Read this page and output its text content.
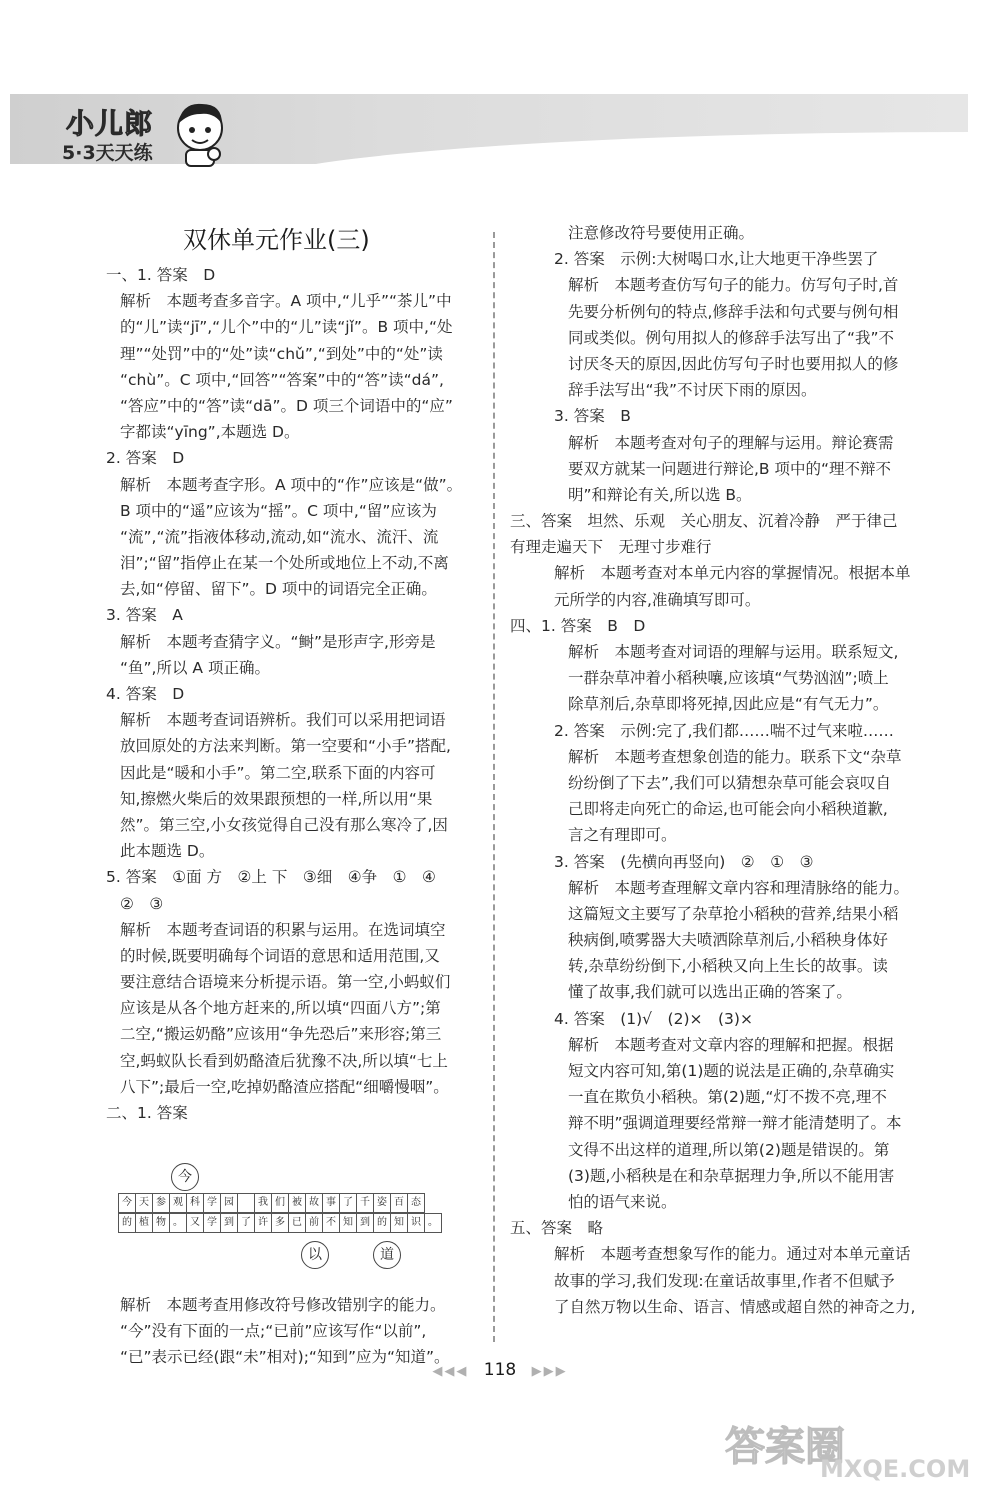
小儿郎
5·3天天练
双休单元作业(三)
一、1. 答案　D
解析　本题考查多音字。A 项中,“儿乎”“茶儿”中
的“儿”读“jī”,“儿个”中的“儿”读“jǐ”。B 项中,“处
理”“处罚”中的“处”读“chǔ”,“到处”中的“处”读
“chù”。C 项中,“回答”“答案”中的“答”读“dá”,
“答应”中的“答”读“dā”。D 项三个词语中的“应”
字都读“yīng”,本题选 D。
2. 答案　D
解析　本题考查字形。A 项中的“作”应该是“做”。
B 项中的“遥”应该为“摇”。C 项中,“留”应该为
“流”,“流”指液体移动,流动,如“流水、流汗、流
泪”;“留”指停止在某一个处所或地位上不动,不离
去,如“停留、留下”。D 项中的词语完全正确。
3. 答案　A
解析　本题考查猜字义。“鲥”是形声字,形旁是
“鱼”,所以 A 项正确。
4. 答案　D
解析　本题考查词语辨析。我们可以采用把词语
放回原处的方法来判断。第一空要和“小手”搭配,
因此是“暖和小手”。第二空,联系下面的内容可
知,擦燃火柴后的效果跟预想的一样,所以用“果
然”。第三空,小女孩觉得自己没有那么寒冷了,因
此本题选 D。
5. 答案　①面 方　②上 下　③细　④争　①　④
②　③
解析　本题考查词语的积累与运用。在选词填空
的时候,既要明确每个词语的意思和适用范围,又
要注意结合语境来分析提示语。第一空,小蚂蚁们
应该是从各个地方赶来的,所以填“四面八方”;第
二空,“搬运奶酪”应该用“争先恐后”来形容;第三
空,蚂蚁队长看到奶酪渣后犹豫不决,所以填“七上
八下”;最后一空,吃掉奶酪渣应搭配“细嚼慢咽”。
二、1. 答案
今
今 天 参 观 科 学 园	我 们 被 故 事 了 千 姿 百 态
的 植 物 。 又 学 到 了 许 多 已 前 不 知 到 的 知 识 。
以	道
解析　本题考查用修改符号修改错别字的能力。
“今”没有下面的一点;“已前”应该写作“以前”,
“已”表示已经(跟“未”相对);“知到”应为“知道”。
注意修改符号要使用正确。
2. 答案　示例:大树喝口水,让大地更干净些罢了
解析　本题考查仿写句子的能力。仿写句子时,首
先要分析例句的特点,修辞手法和句式要与例句相
同或类似。例句用拟人的修辞手法写出了“我”不
讨厌冬天的原因,因此仿写句子时也要用拟人的修
辞手法写出“我”不讨厌下雨的原因。
3. 答案　B
解析　本题考查对句子的理解与运用。辩论赛需
要双方就某一问题进行辩论,B 项中的“理不辩不
明”和辩论有关,所以选 B。
三、答案　坦然、乐观　关心朋友、沉着冷静　严于律己
有理走遍天下　无理寸步难行
解析　本题考查对本单元内容的掌握情况。根据本单
元所学的内容,准确填写即可。
四、1. 答案　B　D
解析　本题考查对词语的理解与运用。联系短文,
一群杂草冲着小稻秧嚷,应该填“气势汹汹”;喷上
除草剂后,杂草即将死掉,因此应是“有气无力”。
2. 答案　示例:完了,我们都……喘不过气来啦……
解析　本题考查想象创造的能力。联系下文“杂草
纷纷倒了下去”,我们可以猜想杂草可能会哀叹自
己即将走向死亡的命运,也可能会向小稻秧道歉,
言之有理即可。
3. 答案　(先横向再竖向)　②　①　③
解析　本题考查理解文章内容和理清脉络的能力。
这篇短文主要写了杂草抢小稻秧的营养,结果小稻
秧病倒,喷雾器大夫喷洒除草剂后,小稻秧身体好
转,杂草纷纷倒下,小稻秧又向上生长的故事。读
懂了故事,我们就可以选出正确的答案了。
4. 答案　(1)√　(2)×　(3)×
解析　本题考查对文章内容的理解和把握。根据
短文内容可知,第(1)题的说法是正确的,杂草确实
一直在欺负小稻秧。第(2)题,“灯不拨不亮,理不
辩不明”强调道理要经常辩一辩才能清楚明了。本
文得不出这样的道理,所以第(2)题是错误的。第
(3)题,小稻秧是在和杂草据理力争,所以不能用害
怕的语气来说。
五、答案　略
解析　本题考查想象写作的能力。通过对本单元童话
故事的学习,我们发现:在童话故事里,作者不但赋予
了自然万物以生命、语言、情感或超自然的神奇之力,
◀◀◀ 118 ▶▶▶
答案圈
MXQE.COM
